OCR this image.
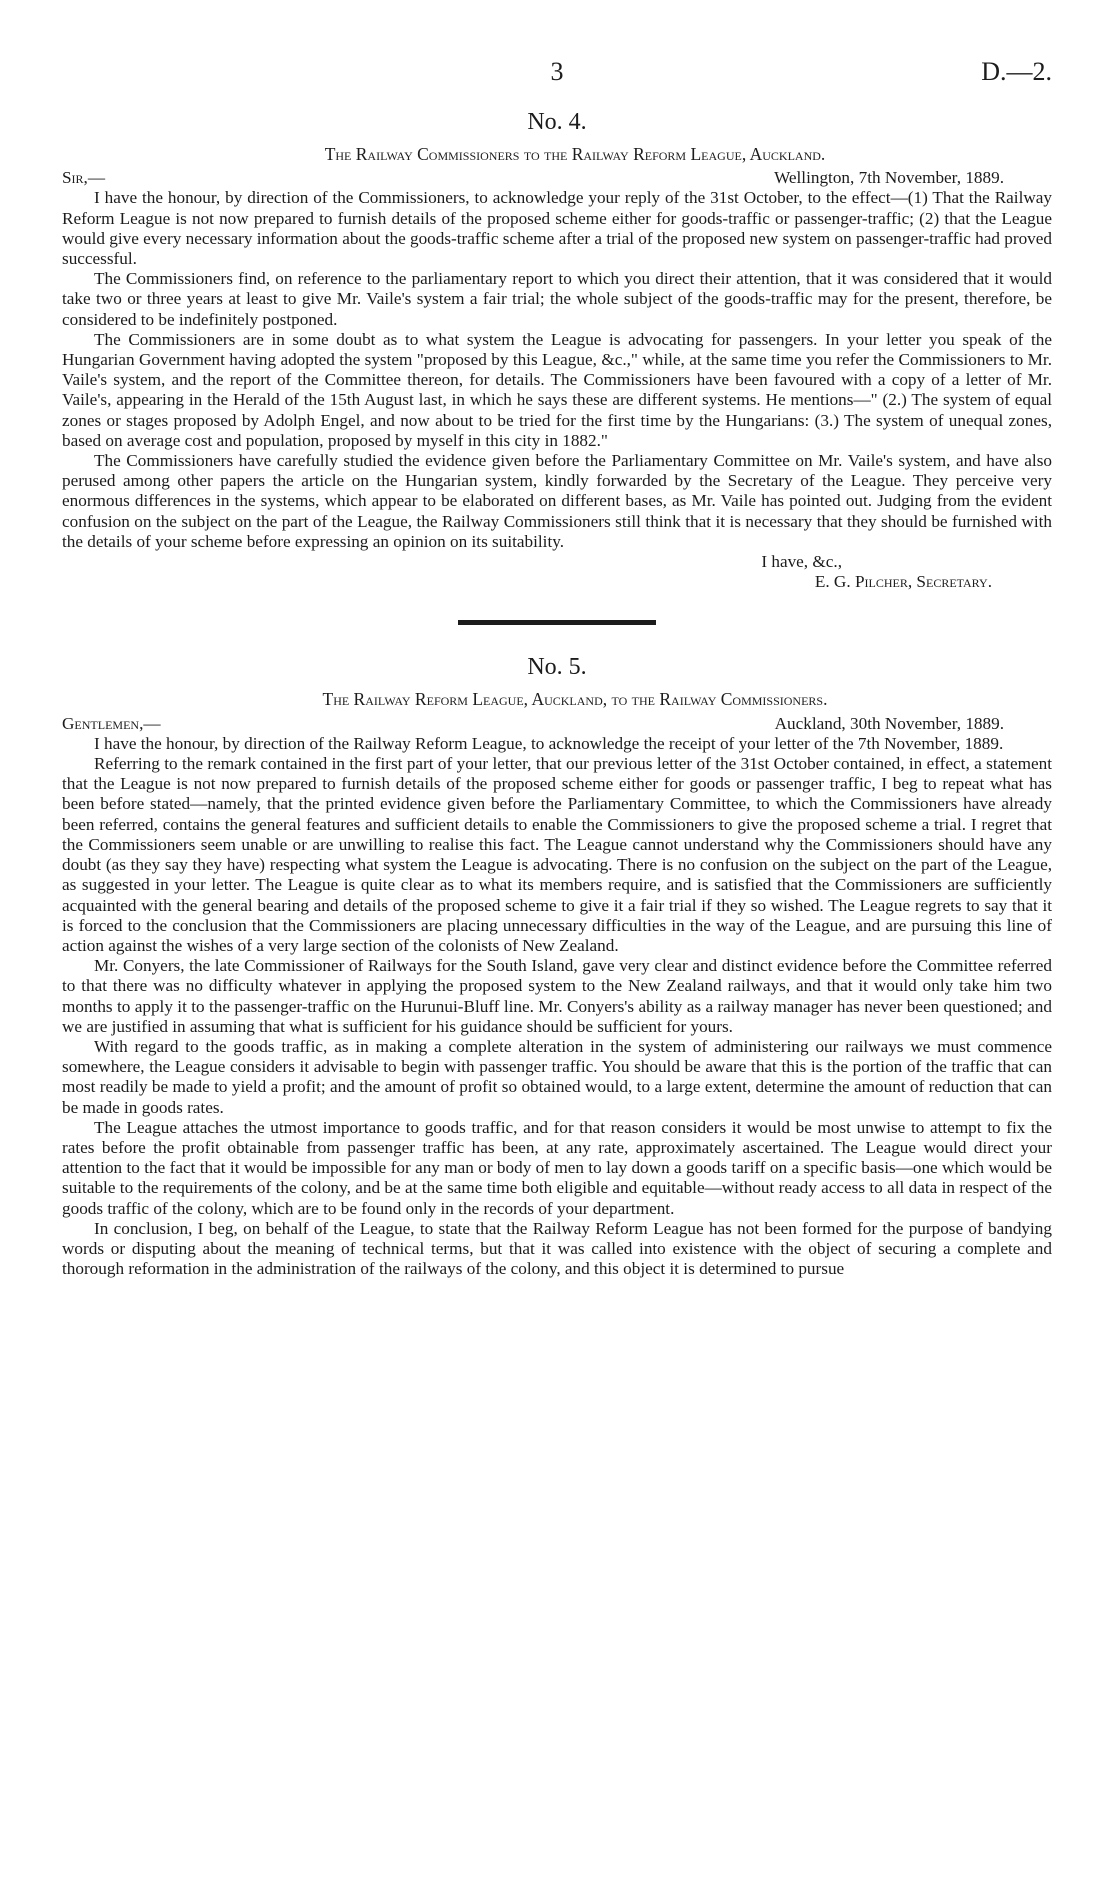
3	D.—2.
No. 4.
The Railway Commissioners to the Railway Reform League, Auckland.
Sir,—	Wellington, 7th November, 1889.

I have the honour, by direction of the Commissioners, to acknowledge your reply of the 31st October, to the effect—(1) That the Railway Reform League is not now prepared to furnish details of the proposed scheme either for goods-traffic or passenger-traffic; (2) that the League would give every necessary information about the goods-traffic scheme after a trial of the proposed new system on passenger-traffic had proved successful.

The Commissioners find, on reference to the parliamentary report to which you direct their attention, that it was considered that it would take two or three years at least to give Mr. Vaile's system a fair trial; the whole subject of the goods-traffic may for the present, therefore, be considered to be indefinitely postponed.

The Commissioners are in some doubt as to what system the League is advocating for passengers. In your letter you speak of the Hungarian Government having adopted the system "proposed by this League, &c.," while, at the same time you refer the Commissioners to Mr. Vaile's system, and the report of the Committee thereon, for details. The Commissioners have been favoured with a copy of a letter of Mr. Vaile's, appearing in the Herald of the 15th August last, in which he says these are different systems. He mentions—" (2.) The system of equal zones or stages proposed by Adolph Engel, and now about to be tried for the first time by the Hungarians: (3.) The system of unequal zones, based on average cost and population, proposed by myself in this city in 1882."

The Commissioners have carefully studied the evidence given before the Parliamentary Committee on Mr. Vaile's system, and have also perused among other papers the article on the Hungarian system, kindly forwarded by the Secretary of the League. They perceive very enormous differences in the systems, which appear to be elaborated on different bases, as Mr. Vaile has pointed out. Judging from the evident confusion on the subject on the part of the League, the Railway Commissioners still think that it is necessary that they should be furnished with the details of your scheme before expressing an opinion on its suitability.

I have, &c.,
E. G. Pilcher, Secretary.
No. 5.
The Railway Reform League, Auckland, to the Railway Commissioners.
Gentlemen,—	Auckland, 30th November, 1889.

I have the honour, by direction of the Railway Reform League, to acknowledge the receipt of your letter of the 7th November, 1889.

Referring to the remark contained in the first part of your letter, that our previous letter of the 31st October contained, in effect, a statement that the League is not now prepared to furnish details of the proposed scheme either for goods or passenger traffic, I beg to repeat what has been before stated—namely, that the printed evidence given before the Parliamentary Committee, to which the Commissioners have already been referred, contains the general features and sufficient details to enable the Commissioners to give the proposed scheme a trial. I regret that the Commissioners seem unable or are unwilling to realise this fact. The League cannot understand why the Commissioners should have any doubt (as they say they have) respecting what system the League is advocating. There is no confusion on the subject on the part of the League, as suggested in your letter. The League is quite clear as to what its members require, and is satisfied that the Commissioners are sufficiently acquainted with the general bearing and details of the proposed scheme to give it a fair trial if they so wished. The League regrets to say that it is forced to the conclusion that the Commissioners are placing unnecessary difficulties in the way of the League, and are pursuing this line of action against the wishes of a very large section of the colonists of New Zealand.

Mr. Conyers, the late Commissioner of Railways for the South Island, gave very clear and distinct evidence before the Committee referred to that there was no difficulty whatever in applying the proposed system to the New Zealand railways, and that it would only take him two months to apply it to the passenger-traffic on the Hurunui-Bluff line. Mr. Conyers's ability as a railway manager has never been questioned; and we are justified in assuming that what is sufficient for his guidance should be sufficient for yours.

With regard to the goods traffic, as in making a complete alteration in the system of administering our railways we must commence somewhere, the League considers it advisable to begin with passenger traffic. You should be aware that this is the portion of the traffic that can most readily be made to yield a profit; and the amount of profit so obtained would, to a large extent, determine the amount of reduction that can be made in goods rates.

The League attaches the utmost importance to goods traffic, and for that reason considers it would be most unwise to attempt to fix the rates before the profit obtainable from passenger traffic has been, at any rate, approximately ascertained. The League would direct your attention to the fact that it would be impossible for any man or body of men to lay down a goods tariff on a specific basis—one which would be suitable to the requirements of the colony, and be at the same time both eligible and equitable—without ready access to all data in respect of the goods traffic of the colony, which are to be found only in the records of your department.

In conclusion, I beg, on behalf of the League, to state that the Railway Reform League has not been formed for the purpose of bandying words or disputing about the meaning of technical terms, but that it was called into existence with the object of securing a complete and thorough reformation in the administration of the railways of the colony, and this object it is determined to pursue
